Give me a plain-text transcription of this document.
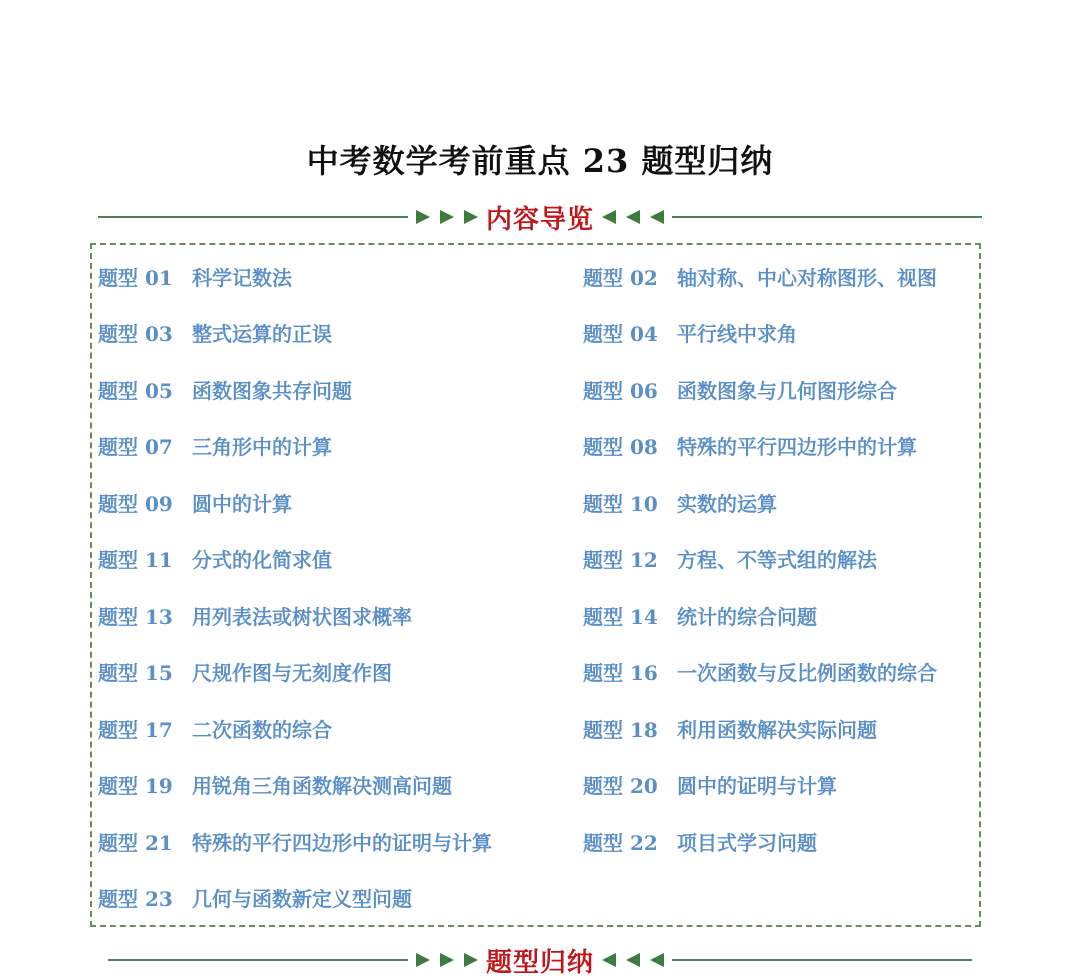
中考数学考前重点 23 题型归纳
内容导览
题型 01 科学记数法	题型 02 轴对称、中心对称图形、视图
题型 03 整式运算的正误	题型 04 平行线中求角
题型 05 函数图象共存问题	题型 06 函数图象与几何图形综合
题型 07 三角形中的计算	题型 08 特殊的平行四边形中的计算
题型 09 圆中的计算	题型 10 实数的运算
题型 11 分式的化简求值	题型 12 方程、不等式组的解法
题型 13 用列表法或树状图求概率	题型 14 统计的综合问题
题型 15 尺规作图与无刻度作图	题型 16 一次函数与反比例函数的综合
题型 17 二次函数的综合	题型 18 利用函数解决实际问题
题型 19 用锐角三角函数解决测高问题	题型 20 圆中的证明与计算
题型 21 特殊的平行四边形中的证明与计算	题型 22 项目式学习问题
题型 23 几何与函数新定义型问题
题型归纳
